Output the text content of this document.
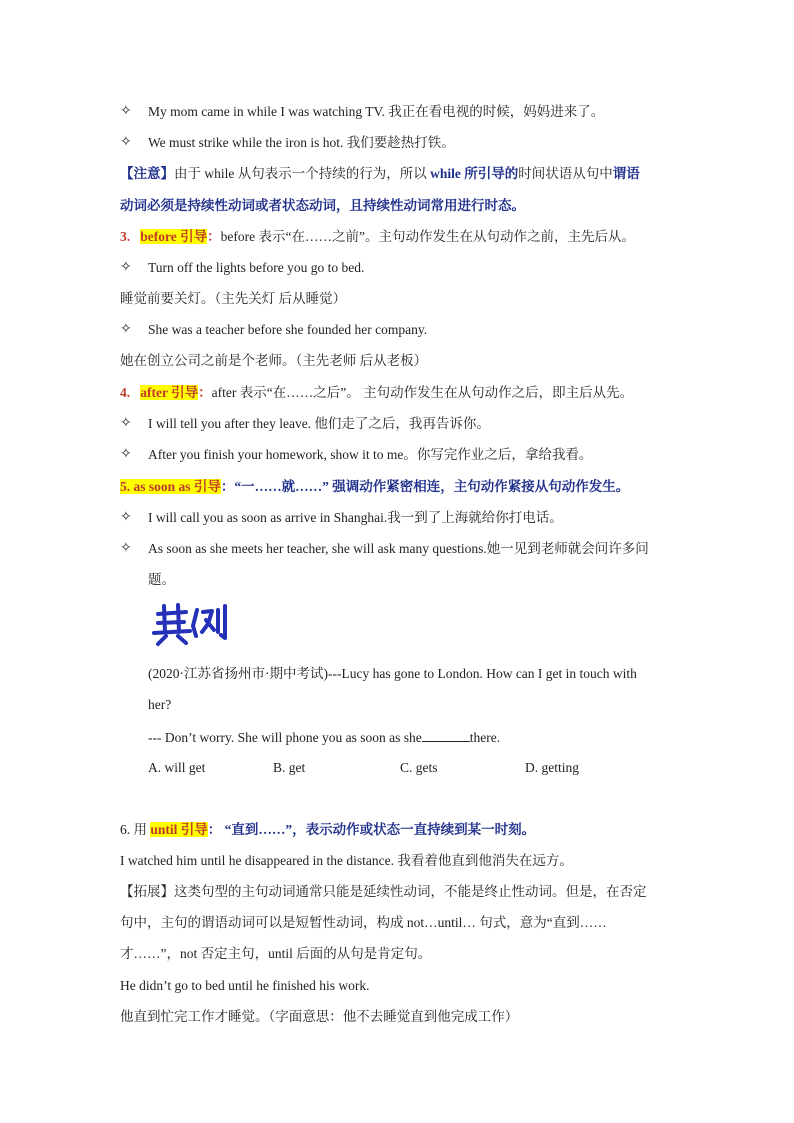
✧ My mom came in while I was watching TV. 我正在看电视的时候，妈妈进来了。
✧ We must strike while the iron is hot. 我们要趁热打铁。
【注意】由于 while 从句表示一个持续的行为，所以 while 所引导的时间状语从句中谓语
动词必须是持续性动词或者状态动词，且持续性动词常用进行时态。
3. before 引导：before 表示“在……之前”。主句动作发生在从句动作之前，主先后从。
✧ Turn off the lights before you go to bed.
睡觉前要关灯。（主先关灯 后从睡觉）
✧ She was a teacher before she founded her company.
她在创立公司之前是个老师。（主先老师 后从老板）
4. after 引导：after 表示“在……之后”。 主句动作发生在从句动作之后，即主后从先。
✧ I will tell you after they leave. 他们走了之后，我再告诉你。
✧ After you finish your homework, show it to me。你写完作业之后，拿给我看。
5. as soon as 引导：“一……就……” 强调动作紧密相连，主句动作紧接从句动作发生。
✧ I will call you as soon as arrive in Shanghai.我一到了上海就给你打电话。
✧ As soon as she meets her teacher, she will ask many questions.她一见到老师就会问许多问
题。
(2020·江苏省扬州市·期中考试)---Lucy has gone to London. How can I get in touch with
her?
--- Don’t worry. She will phone you as soon as she	there.
A. will get	B. get	C. gets	D. getting
6. 用 until 引导： “直到……”，表示动作或状态一直持续到某一时刻。
I watched him until he disappeared in the distance. 我看着他直到他消失在远方。
【拓展】这类句型的主句动词通常只能是延续性动词，不能是终止性动词。但是，在否定
句中，主句的谓语动词可以是短暂性动词，构成 not…until… 句式，意为“直到……
才……”，not 否定主句，until 后面的从句是肯定句。
He didn’t go to bed until he finished his work.
他直到忙完工作才睡觉。（字面意思：他不去睡觉直到他完成工作）
